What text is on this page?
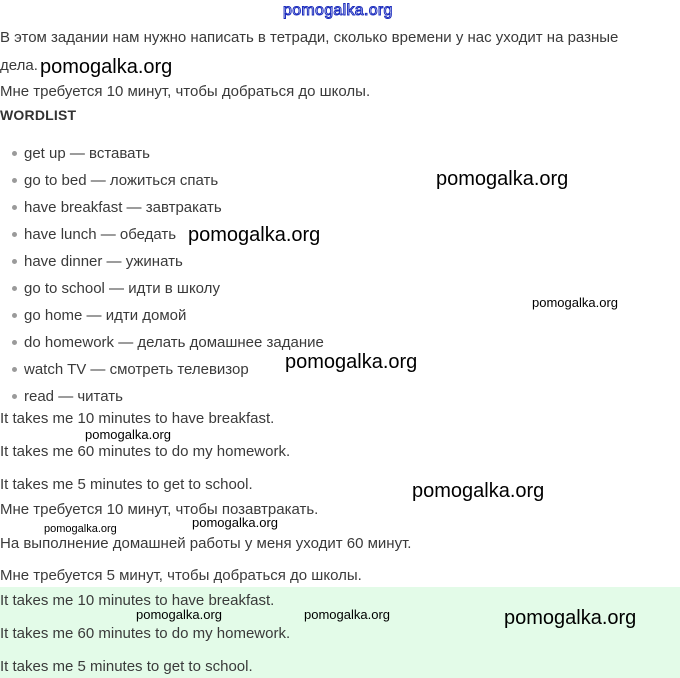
pomogalka.org
В этом задании нам нужно написать в тетради, сколько времени у нас уходит на разные
дела.
Мне требуется 10 минут, чтобы добраться до школы.
WORDLIST
get up — вставать
go to bed — ложиться спать
have breakfast — завтракать
have lunch — обедать
have dinner — ужинать
go to school — идти в школу
go home — идти домой
do homework — делать домашнее задание
watch TV — смотреть телевизор
read — читать
It takes me 10 minutes to have breakfast.
It takes me 60 minutes to do my homework.
It takes me 5 minutes to get to school.
Мне требуется 10 минут, чтобы позавтракать.
На выполнение домашней работы у меня уходит 60 минут.
Мне требуется 5 минут, чтобы добраться до школы.
It takes me 10 minutes to have breakfast.
It takes me 60 minutes to do my homework.
It takes me 5 minutes to get to school.
pomogalka.org
pomogalka.org
pomogalka.org
pomogalka.org
pomogalka.org
pomogalka.org
pomogalka.org
pomogalka.org
pomogalka.org
pomogalka.org	pomogalka.org	pomogalka.org
